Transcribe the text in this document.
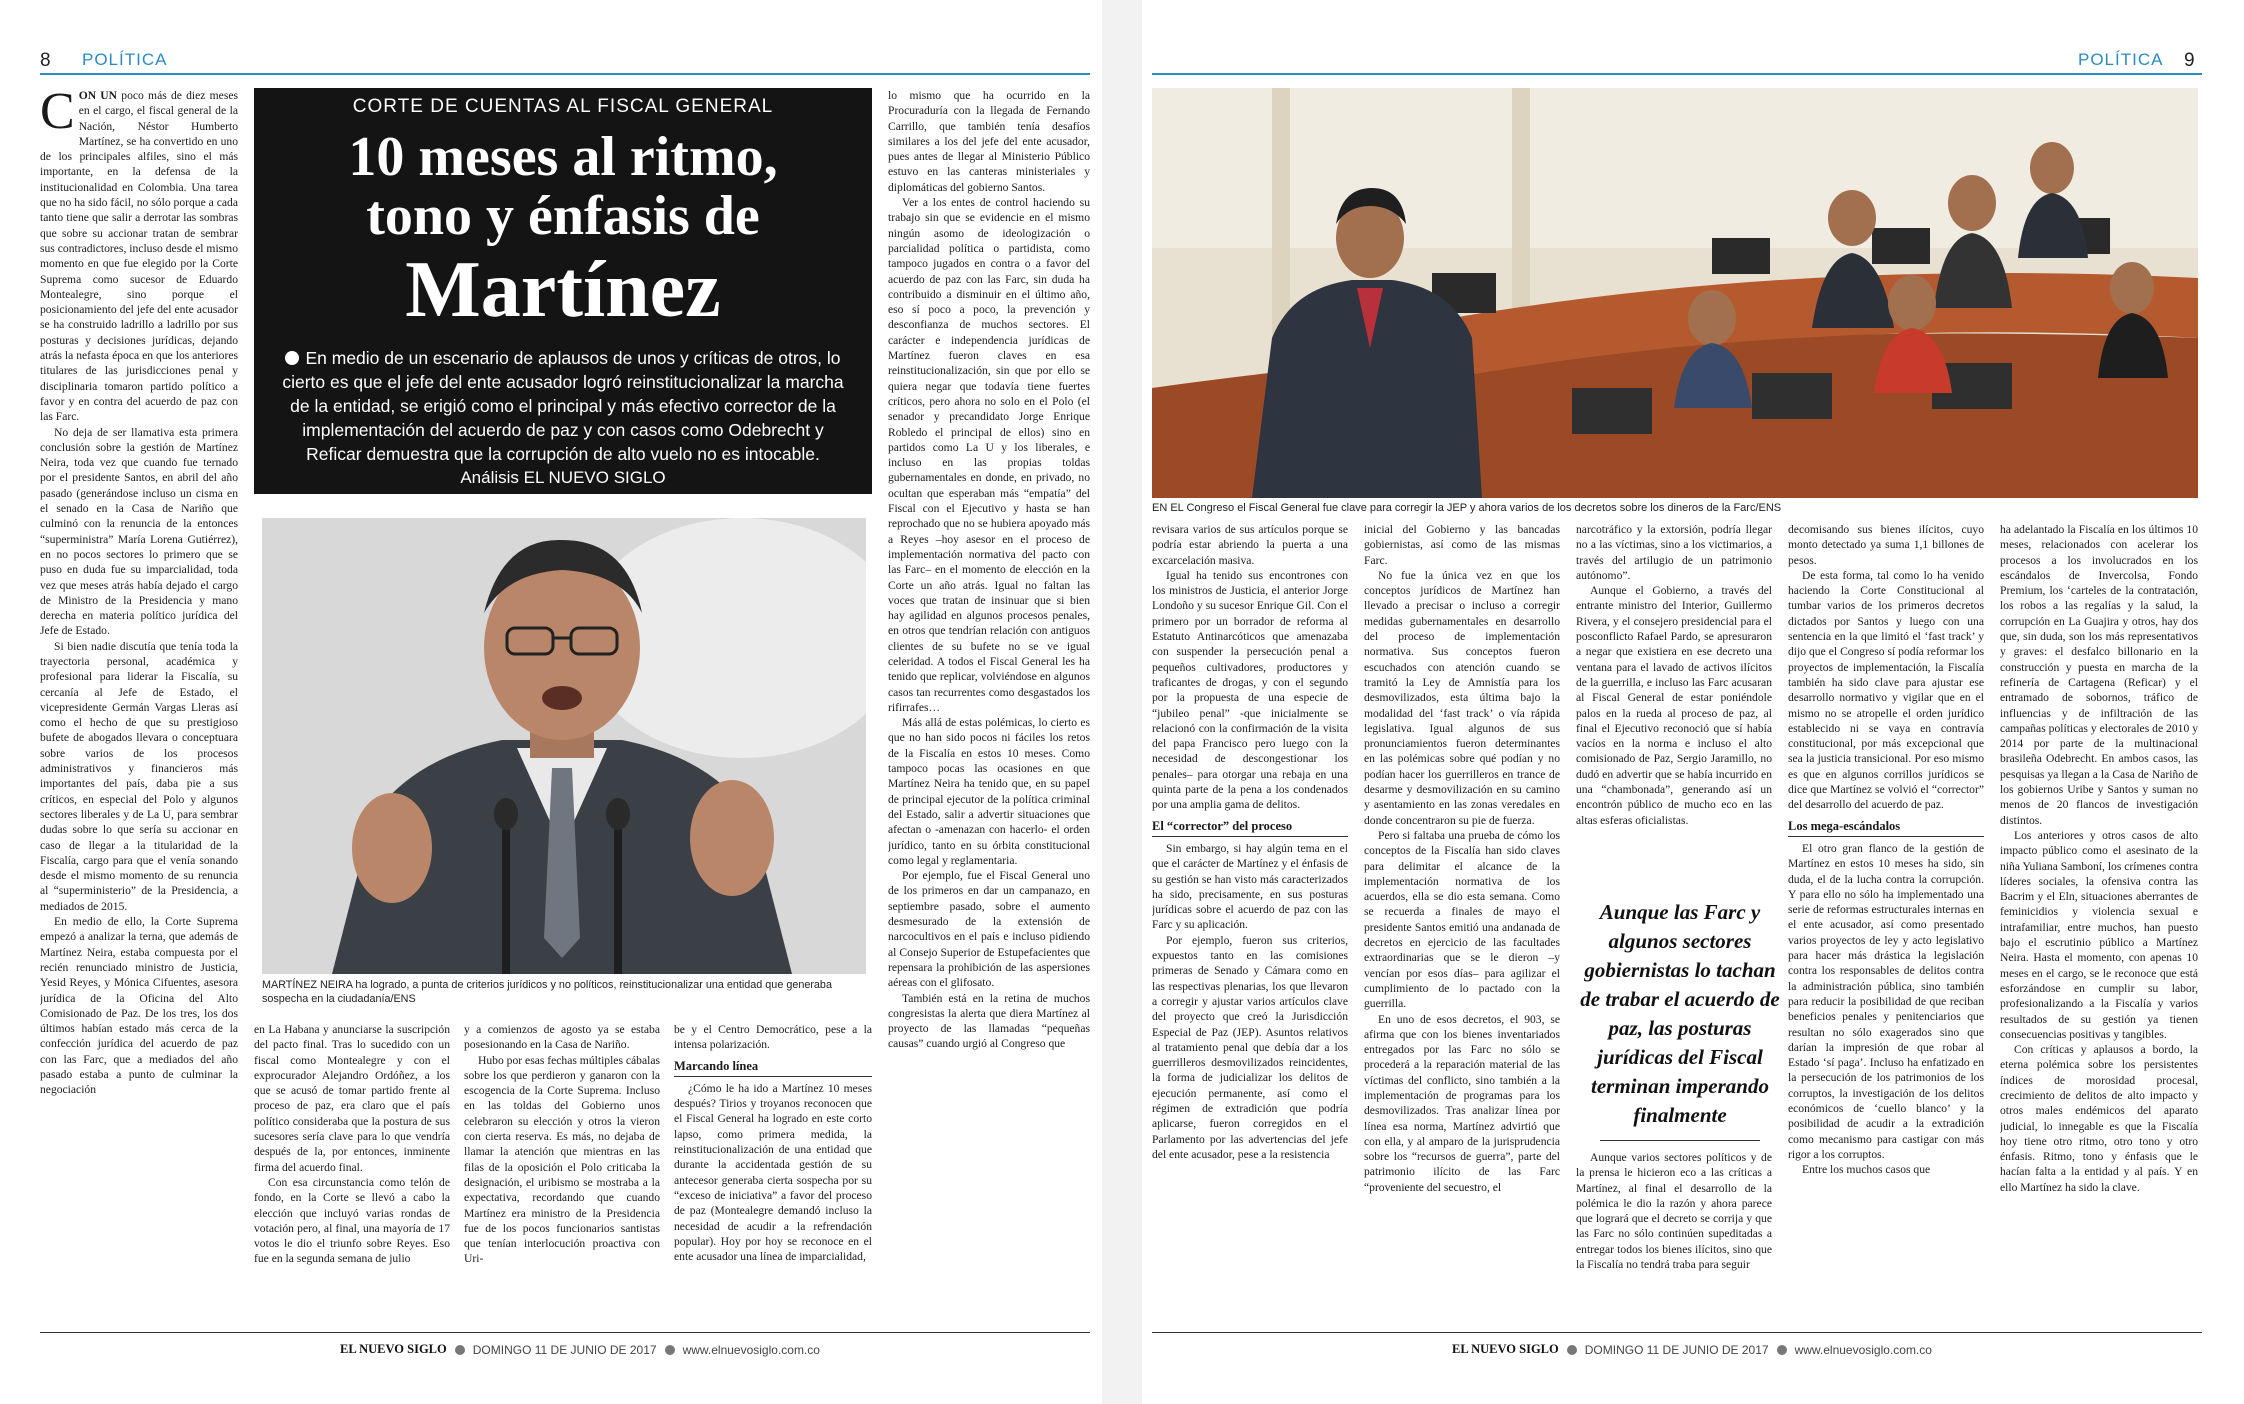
8 POLÍTICA

C ON UN poco más de diez meses en el cargo, el fiscal general de la Nación, Néstor Humberto Martínez, se ha convertido en uno de los principales alfiles, sino el más importante, en la defensa de la institucionalidad en Colombia. Una tarea que no ha sido fácil, no sólo porque a cada tanto tiene que salir a derrotar las sombras que sobre su accionar tratan de sembrar sus contradictores, incluso desde el mismo momento en que fue elegido por la Corte Suprema como sucesor de Eduardo Montealegre, sino porque el posicionamiento del jefe del ente acusador se ha construido ladrillo a ladrillo por sus posturas y decisiones jurídicas, dejando atrás la nefasta época en que los anteriores titulares de las jurisdicciones penal y disciplinaria tomaron partido político a favor y en contra del acuerdo de paz con las Farc.

No deja de ser llamativa esta primera conclusión sobre la gestión de Martínez Neira, toda vez que cuando fue ternado por el presidente Santos, en abril del año pasado (generándose incluso un cisma en el senado en la Casa de Nariño que culminó con la renuncia de la entonces “superministra” María Lorena Gutiérrez), en no pocos sectores lo primero que se puso en duda fue su imparcialidad, toda vez que meses atrás había dejado el cargo de Ministro de la Presidencia y mano derecha en materia político jurídica del Jefe de Estado.

Si bien nadie discutía que tenía toda la trayectoria personal, académica y profesional para liderar la Fiscalía, su cercanía al Jefe de Estado, el vicepresidente Germán Vargas Lleras así como el hecho de que su prestigioso bufete de abogados llevara o conceptuara sobre varios de los procesos administrativos y financieros más importantes del país, daba pie a sus críticos, en especial del Polo y algunos sectores liberales y de La U, para sembrar dudas sobre lo que sería su accionar en caso de llegar a la titularidad de la Fiscalía, cargo para que el venía sonando desde el mismo momento de su renuncia al “superministerio” de la Presidencia, a mediados de 2015.

En medio de ello, la Corte Suprema empezó a analizar la terna, que además de Martínez Neira, estaba compuesta por el recién renunciado ministro de Justicia, Yesid Reyes, y Mónica Cifuentes, asesora jurídica de la Oficina del Alto Comisionado de Paz. De los tres, los dos últimos habían estado más cerca de la confección jurídica del acuerdo de paz con las Farc, que a mediados del año pasado estaba a punto de culminar la negociación

CORTE DE CUENTAS AL FISCAL GENERAL
10 meses al ritmo,
tono y énfasis de
Martínez
En medio de un escenario de aplausos de unos y críticas de otros, lo cierto es que el jefe del ente acusador logró reinstitucionalizar la marcha de la entidad, se erigió como el principal y más efectivo corrector de la implementación del acuerdo de paz y con casos como Odebrecht y Reficar demuestra que la corrupción de alto vuelo no es intocable.
Análisis EL NUEVO SIGLO
MARTÍNEZ NEIRA ha logrado, a punta de criterios jurídicos y no políticos, reinstitucionalizar una entidad que generaba sospecha en la ciudadanía/ENS

en La Habana y anunciarse la suscripción del pacto final. Tras lo sucedido con un fiscal como Montealegre y con el exprocurador Alejandro Ordóñez, a los que se acusó de tomar partido frente al proceso de paz, era claro que el país político consideraba que la postura de sus sucesores sería clave para lo que vendría después de la, por entonces, inminente firma del acuerdo final.

Con esa circunstancia como telón de fondo, en la Corte se llevó a cabo la elección que incluyó varias rondas de votación pero, al final, una mayoría de 17 votos le dio el triunfo sobre Reyes. Eso fue en la segunda semana de julio

y a comienzos de agosto ya se estaba posesionando en la Casa de Nariño.

Hubo por esas fechas múltiples cábalas sobre los que perdieron y ganaron con la escogencia de la Corte Suprema. Incluso en las toldas del Gobierno unos celebraron su elección y otros la vieron con cierta reserva. Es más, no dejaba de llamar la atención que mientras en las filas de la oposición el Polo criticaba la designación, el uribismo se mostraba a la expectativa, recordando que cuando Martínez era ministro de la Presidencia fue de los pocos funcionarios santistas que tenían interlocución proactiva con Uri-

be y el Centro Democrático, pese a la intensa polarización.

Marcando línea

¿Cómo le ha ido a Martínez 10 meses después? Tirios y troyanos reconocen que el Fiscal General ha logrado en este corto lapso, como primera medida, la reinstitucionalización de una entidad que durante la accidentada gestión de su antecesor generaba cierta sospecha por su “exceso de iniciativa” a favor del proceso de paz (Montealegre demandó incluso la necesidad de acudir a la refrendación popular). Hoy por hoy se reconoce en el ente acusador una línea de imparcialidad,

lo mismo que ha ocurrido en la Procuraduría con la llegada de Fernando Carrillo, que también tenía desafíos similares a los del jefe del ente acusador, pues antes de llegar al Ministerio Público estuvo en las canteras ministeriales y diplomáticas del gobierno Santos.

Ver a los entes de control haciendo su trabajo sin que se evidencie en el mismo ningún asomo de ideologización o parcialidad política o partidista, como tampoco jugados en contra o a favor del acuerdo de paz con las Farc, sin duda ha contribuido a disminuir en el último año, eso sí poco a poco, la prevención y desconfianza de muchos sectores. El carácter e independencia jurídicas de Martínez fueron claves en esa reinstitucionalización, sin que por ello se quiera negar que todavía tiene fuertes críticos, pero ahora no solo en el Polo (el senador y precandidato Jorge Enrique Robledo el principal de ellos) sino en partidos como La U y los liberales, e incluso en las propias toldas gubernamentales en donde, en privado, no ocultan que esperaban más “empatía” del Fiscal con el Ejecutivo y hasta se han reprochado que no se hubiera apoyado más a Reyes –hoy asesor en el proceso de implementación normativa del pacto con las Farc– en el momento de elección en la Corte un año atrás. Igual no faltan las voces que tratan de insinuar que si bien hay agilidad en algunos procesos penales, en otros que tendrían relación con antiguos clientes de su bufete no se ve igual celeridad. A todos el Fiscal General les ha tenido que replicar, volviéndose en algunos casos tan recurrentes como desgastados los rifirrafes…

Más allá de estas polémicas, lo cierto es que no han sido pocos ni fáciles los retos de la Fiscalía en estos 10 meses. Como tampoco pocas las ocasiones en que Martínez Neira ha tenido que, en su papel de principal ejecutor de la política criminal del Estado, salir a advertir situaciones que afectan o -amenazan con hacerlo- el orden jurídico, tanto en su órbita constitucional como legal y reglamentaria.

Por ejemplo, fue el Fiscal General uno de los primeros en dar un campanazo, en septiembre pasado, sobre el aumento desmesurado de la extensión de narcocultivos en el país e incluso pidiendo al Consejo Superior de Estupefacientes que repensara la prohibición de las aspersiones aéreas con el glifosato.

También está en la retina de muchos congresistas la alerta que diera Martínez al proyecto de las llamadas “pequeñas causas” cuando urgió al Congreso que

EL NUEVO SIGLO DOMINGO 11 DE JUNIO DE 2017 www.elnuevosiglo.com.co
POLÍTICA 9
EN EL Congreso el Fiscal General fue clave para corregir la JEP y ahora varios de los decretos sobre los dineros de la Farc/ENS

revisara varios de sus artículos porque se podría estar abriendo la puerta a una excarcelación masiva.

Igual ha tenido sus encontrones con los ministros de Justicia, el anterior Jorge Londoño y su sucesor Enrique Gil. Con el primero por un borrador de reforma al Estatuto Antinarcóticos que amenazaba con suspender la persecución penal a pequeños cultivadores, productores y traficantes de drogas, y con el segundo por la propuesta de una especie de “jubileo penal” -que inicialmente se relacionó con la confirmación de la visita del papa Francisco pero luego con la necesidad de descongestionar los penales– para otorgar una rebaja en una quinta parte de la pena a los condenados por una amplia gama de delitos.

El “corrector” del proceso

Sin embargo, si hay algún tema en el que el carácter de Martínez y el énfasis de su gestión se han visto más caracterizados ha sido, precisamente, en sus posturas jurídicas sobre el acuerdo de paz con las Farc y su aplicación.

Por ejemplo, fueron sus criterios, expuestos tanto en las comisiones primeras de Senado y Cámara como en las respectivas plenarias, los que llevaron a corregir y ajustar varios artículos clave del proyecto que creó la Jurisdicción Especial de Paz (JEP). Asuntos relativos al tratamiento penal que debía dar a los guerrilleros desmovilizados reincidentes, la forma de judicializar los delitos de ejecución permanente, así como el régimen de extradición que podría aplicarse, fueron corregidos en el Parlamento por las advertencias del jefe del ente acusador, pese a la resistencia

inicial del Gobierno y las bancadas gobiernistas, así como de las mismas Farc.

No fue la única vez en que los conceptos jurídicos de Martínez han llevado a precisar o incluso a corregir medidas gubernamentales en desarrollo del proceso de implementación normativa. Sus conceptos fueron escuchados con atención cuando se tramitó la Ley de Amnistía para los desmovilizados, esta última bajo la modalidad del ‘fast track’ o vía rápida legislativa. Igual algunos de sus pronunciamientos fueron determinantes en las polémicas sobre qué podían y no podían hacer los guerrilleros en trance de desarme y desmovilización en su camino y asentamiento en las zonas veredales en donde concentraron su pie de fuerza.

Pero si faltaba una prueba de cómo los conceptos de la Fiscalía han sido claves para delimitar el alcance de la implementación normativa de los acuerdos, ella se dio esta semana. Como se recuerda a finales de mayo el presidente Santos emitió una andanada de decretos en ejercicio de las facultades extraordinarias que se le dieron –y vencían por esos días– para agilizar el cumplimiento de lo pactado con la guerrilla.

En uno de esos decretos, el 903, se afirma que con los bienes inventariados entregados por las Farc no sólo se procederá a la reparación material de las víctimas del conflicto, sino también a la implementación de programas para los desmovilizados. Tras analizar línea por línea esa norma, Martínez advirtió que con ella, y al amparo de la jurisprudencia sobre los “recursos de guerra”, parte del patrimonio ilícito de las Farc “proveniente del secuestro, el

narcotráfico y la extorsión, podría llegar no a las víctimas, sino a los victimarios, a través del artilugio de un patrimonio autónomo”.

Aunque el Gobierno, a través del entrante ministro del Interior, Guillermo Rivera, y el consejero presidencial para el posconflicto Rafael Pardo, se apresuraron a negar que existiera en ese decreto una ventana para el lavado de activos ilícitos de la guerrilla, e incluso las Farc acusaran al Fiscal General de estar poniéndole palos en la rueda al proceso de paz, al final el Ejecutivo reconoció que sí había vacíos en la norma e incluso el alto comisionado de Paz, Sergio Jaramillo, no dudó en advertir que se había incurrido en una “chambonada”, generando así un encontrón público de mucho eco en las altas esferas oficialistas.

Aunque las Farc y algunos sectores gobiernistas lo tachan de trabar el acuerdo de paz, las posturas jurídicas del Fiscal terminan imperando finalmente

Aunque varios sectores políticos y de la prensa le hicieron eco a las críticas a Martínez, al final el desarrollo de la polémica le dio la razón y ahora parece que logrará que el decreto se corrija y que las Farc no sólo continúen supeditadas a entregar todos los bienes ilícitos, sino que la Fiscalía no tendrá traba para seguir

decomisando sus bienes ilícitos, cuyo monto detectado ya suma 1,1 billones de pesos.

De esta forma, tal como lo ha venido haciendo la Corte Constitucional al tumbar varios de los primeros decretos dictados por Santos y luego con una sentencia en la que limitó el ‘fast track’ y dijo que el Congreso sí podía reformar los proyectos de implementación, la Fiscalía también ha sido clave para ajustar ese desarrollo normativo y vigilar que en el mismo no se atropelle el orden jurídico establecido ni se vaya en contravía constitucional, por más excepcional que sea la justicia transicional. Por eso mismo es que en algunos corrillos jurídicos se dice que Martínez se volvió el “corrector” del desarrollo del acuerdo de paz.

Los mega-escándalos

El otro gran flanco de la gestión de Martínez en estos 10 meses ha sido, sin duda, el de la lucha contra la corrupción. Y para ello no sólo ha implementado una serie de reformas estructurales internas en el ente acusador, así como presentado varios proyectos de ley y acto legislativo para hacer más drástica la legislación contra los responsables de delitos contra la administración pública, sino también para reducir la posibilidad de que reciban beneficios penales y penitenciarios que resultan no sólo exagerados sino que darían la impresión de que robar al Estado ‘sí paga’. Incluso ha enfatizado en la persecución de los patrimonios de los corruptos, la investigación de los delitos económicos de ‘cuello blanco’ y la posibilidad de acudir a la extradición como mecanismo para castigar con más rigor a los corruptos.

Entre los muchos casos que

ha adelantado la Fiscalía en los últimos 10 meses, relacionados con acelerar los procesos a los involucrados en los escándalos de Invercolsa, Fondo Premium, los ‘carteles de la contratación, los robos a las regalías y la salud, la corrupción en La Guajira y otros, hay dos que, sin duda, son los más representativos y graves: el desfalco billonario en la construcción y puesta en marcha de la refinería de Cartagena (Reficar) y el entramado de sobornos, tráfico de influencias y de infiltración de las campañas políticas y electorales de 2010 y 2014 por parte de la multinacional brasileña Odebrecht. En ambos casos, las pesquisas ya llegan a la Casa de Nariño de los gobiernos Uribe y Santos y suman no menos de 20 flancos de investigación distintos.

Los anteriores y otros casos de alto impacto público como el asesinato de la niña Yuliana Samboní, los crímenes contra líderes sociales, la ofensiva contra las Bacrim y el Eln, situaciones aberrantes de feminicidios y violencia sexual e intrafamiliar, entre muchos, han puesto bajo el escrutinio público a Martínez Neira. Hasta el momento, con apenas 10 meses en el cargo, se le reconoce que está esforzándose en cumplir su labor, profesionalizando a la Fiscalía y varios resultados de su gestión ya tienen consecuencias positivas y tangibles.

Con críticas y aplausos a bordo, la eterna polémica sobre los persistentes índices de morosidad procesal, crecimiento de delitos de alto impacto y otros males endémicos del aparato judicial, lo innegable es que la Fiscalía hoy tiene otro ritmo, otro tono y otro énfasis. Ritmo, tono y énfasis que le hacían falta a la entidad y al país. Y en ello Martínez ha sido la clave.

EL NUEVO SIGLO DOMINGO 11 DE JUNIO DE 2017 www.elnuevosiglo.com.co
